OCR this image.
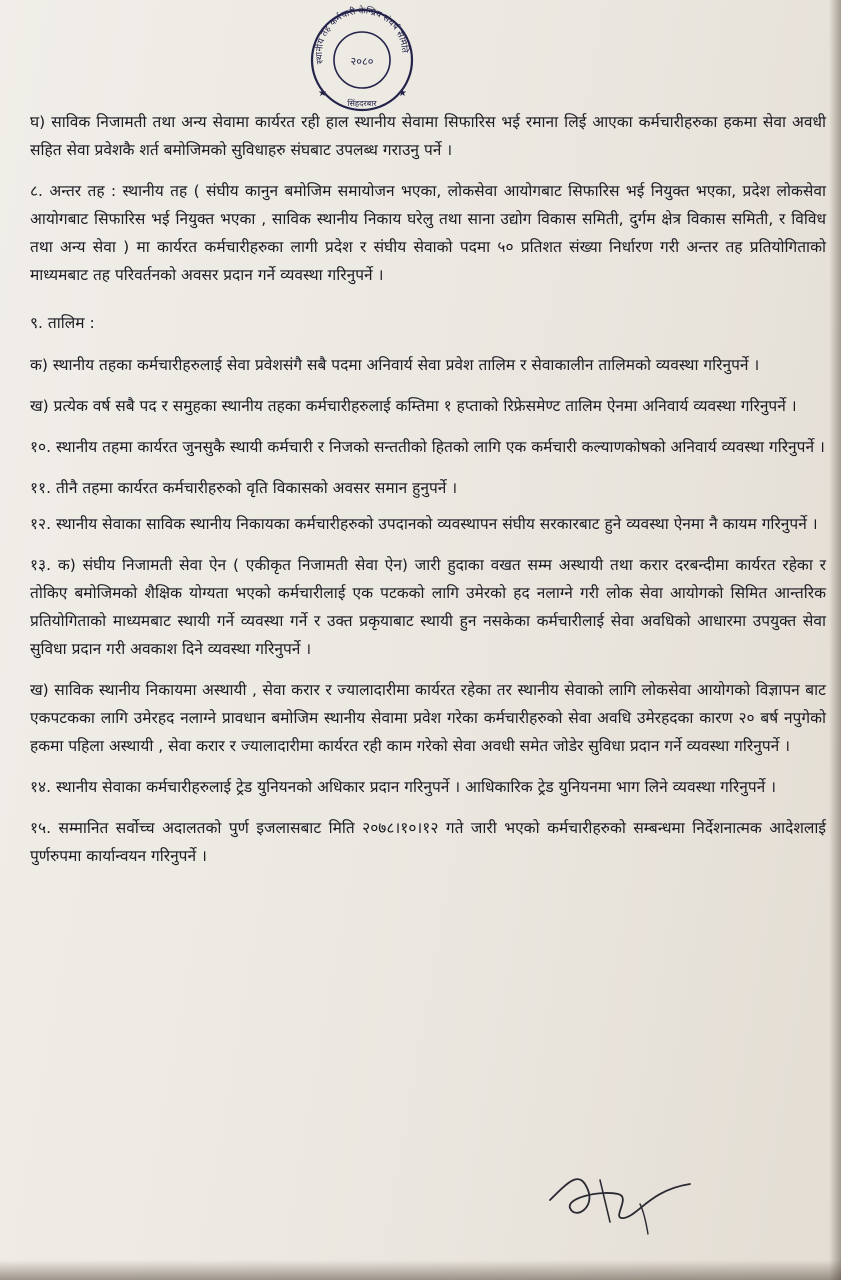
स्थानीय तह कर्मचारी केन्द्रिय संघर्ष समिति
२०८०
सिंहदरबार
★	★

घ) साविक निजामती तथा अन्य सेवामा कार्यरत रही हाल स्थानीय सेवामा सिफारिस भई रमाना लिई आएका कर्मचारीहरुका हकमा सेवा अवधी सहित सेवा प्रवेशकै शर्त बमोजिमको सुविधाहरु संघबाट उपलब्ध गराउनु पर्ने ।

८. अन्तर तह : स्थानीय तह ( संघीय कानुन बमोजिम समायोजन भएका, लोकसेवा आयोगबाट सिफारिस भई नियुक्त भएका, प्रदेश लोकसेवा आयोगबाट सिफारिस भई नियुक्त भएका , साविक स्थानीय निकाय घरेलु तथा साना उद्योग विकास समिती, दुर्गम क्षेत्र विकास समिती, र विविध तथा अन्य सेवा ) मा कार्यरत कर्मचारीहरुका लागी प्रदेश र संघीय सेवाको पदमा ५० प्रतिशत संख्या निर्धारण गरी अन्तर तह प्रतियोगिताको माध्यमबाट तह परिवर्तनको अवसर प्रदान गर्ने व्यवस्था गरिनुपर्ने ।

९. तालिम :

क) स्थानीय तहका कर्मचारीहरुलाई सेवा प्रवेशसंगै सबै पदमा अनिवार्य सेवा प्रवेश तालिम र सेवाकालीन तालिमको व्यवस्था गरिनुपर्ने ।

ख) प्रत्येक वर्ष सबै पद र समुहका स्थानीय तहका कर्मचारीहरुलाई कम्तिमा १ हप्ताको रिफ्रेसमेण्ट तालिम ऐनमा अनिवार्य व्यवस्था गरिनुपर्ने ।

१०. स्थानीय तहमा कार्यरत जुनसुकै स्थायी कर्मचारी र निजको सन्ततीको हितको लागि एक कर्मचारी कल्याणकोषको अनिवार्य व्यवस्था गरिनुपर्ने ।

११. तीनै तहमा कार्यरत कर्मचारीहरुको वृति विकासको अवसर समान हुनुपर्ने ।

१२. स्थानीय सेवाका साविक स्थानीय निकायका कर्मचारीहरुको उपदानको व्यवस्थापन संघीय सरकारबाट हुने व्यवस्था ऐनमा नै कायम गरिनुपर्ने ।

१३. क) संघीय निजामती सेवा ऐन ( एकीकृत निजामती सेवा ऐन) जारी हुदाका वखत सम्म अस्थायी तथा करार दरबन्दीमा कार्यरत रहेका र तोकिए बमोजिमको शैक्षिक योग्यता भएको कर्मचारीलाई एक पटकको लागि उमेरको हद नलाग्ने गरी लोक सेवा आयोगको सिमित आन्तरिक प्रतियोगिताको माध्यमबाट स्थायी गर्ने व्यवस्था गर्ने र उक्त प्रकृयाबाट स्थायी हुन नसकेका कर्मचारीलाई सेवा अवधिको आधारमा उपयुक्त सेवा सुविधा प्रदान गरी अवकाश दिने व्यवस्था गरिनुपर्ने ।

ख) साविक स्थानीय निकायमा अस्थायी , सेवा करार र ज्यालादारीमा कार्यरत रहेका तर स्थानीय सेवाको लागि लोकसेवा आयोगको विज्ञापन बाट एकपटकका लागि उमेरहद नलाग्ने प्रावधान बमोजिम स्थानीय सेवामा प्रवेश गरेका कर्मचारीहरुको सेवा अवधि उमेरहदका कारण २० बर्ष नपुगेको हकमा पहिला अस्थायी , सेवा करार र ज्यालादारीमा कार्यरत रही काम गरेको सेवा अवधी समेत जोडेर सुविधा प्रदान गर्ने व्यवस्था गरिनुपर्ने ।

१४. स्थानीय सेवाका कर्मचारीहरुलाई ट्रेड युनियनको अधिकार प्रदान गरिनुपर्ने । आधिकारिक ट्रेड युनियनमा भाग लिने व्यवस्था गरिनुपर्ने ।

१५. सम्मानित सर्वोच्च अदालतको पुर्ण इजलासबाट मिति २०७८।१०।१२ गते जारी भएको कर्मचारीहरुको सम्बन्धमा निर्देशनात्मक आदेशलाई पुर्णरुपमा कार्यान्वयन गरिनुपर्ने ।
